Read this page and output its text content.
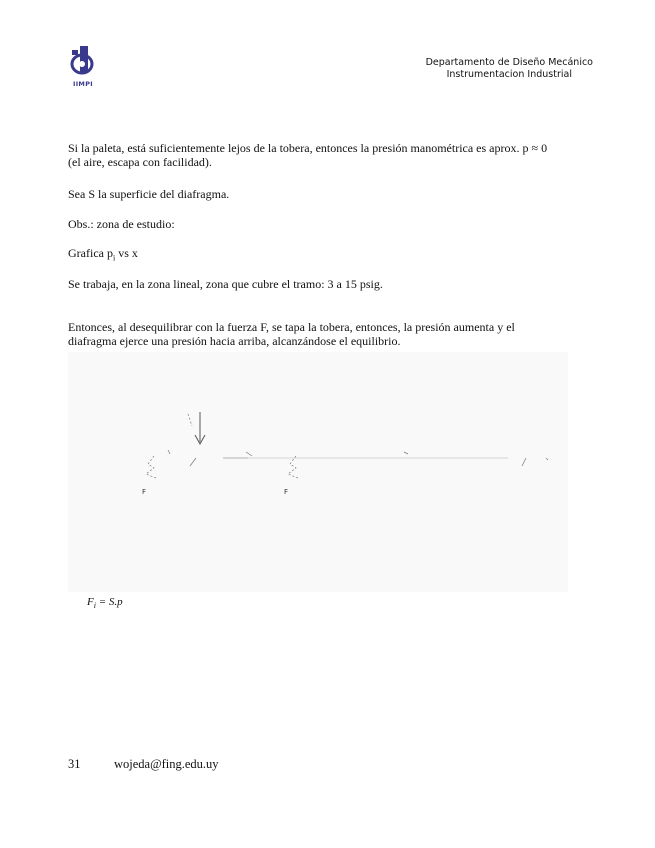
IIMPI
Departamento de Diseño Mecánico
Instrumentacion Industrial
Si la paleta, está suficientemente lejos de la tobera, entonces la presión manométrica es aprox. p ≈ 0
(el aire, escapa con facilidad).
Sea S la superficie del diafragma.
Obs.: zona de estudio:
Grafica $p_i$ vs x
Se trabaja, en la zona lineal, zona que cubre el tramo: 3 a 15 psig.
Entonces, al desequilibrar con la fuerza F, se tapa la tobera, entonces, la presión aumenta y el
diafragma ejerce una presión hacia arriba, alcanzándose el equilibrio.
F	F
$F_i = S.p$
31	wojeda@fing.edu.uy
